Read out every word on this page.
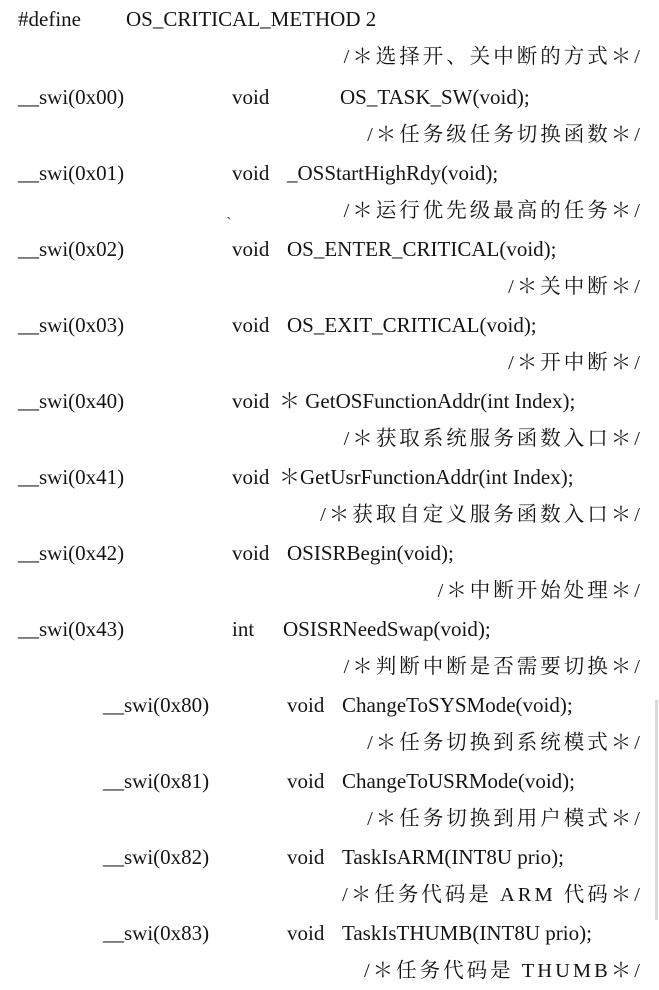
#define OS_CRITICAL_METHOD 2
/＊选择开、关中断的方式＊/
__swi(0x00)	void	OS_TASK_SW(void);
/＊任务级任务切换函数＊/
__swi(0x01)	void _OSStartHighRdy(void);
ˏ	/＊运行优先级最高的任务＊/
__swi(0x02)	void OS_ENTER_CRITICAL(void);
/＊关中断＊/
__swi(0x03)	void OS_EXIT_CRITICAL(void);
/＊开中断＊/
__swi(0x40)	void ＊ GetOSFunctionAddr(int Index);
/＊获取系统服务函数入口＊/
__swi(0x41)	void ＊GetUsrFunctionAddr(int Index);
/＊获取自定义服务函数入口＊/
__swi(0x42)	void OSISRBegin(void);
/＊中断开始处理＊/
__swi(0x43)	int OSISRNeedSwap(void);
/＊判断中断是否需要切换＊/
__swi(0x80)	void ChangeToSYSMode(void);
/＊任务切换到系统模式＊/
__swi(0x81)	void ChangeToUSRMode(void);
/＊任务切换到用户模式＊/
__swi(0x82)	void TaskIsARM(INT8U prio);
/＊任务代码是 ARM 代码＊/
__swi(0x83)	void TaskIsTHUMB(INT8U prio);
/＊任务代码是 THUMB＊/
